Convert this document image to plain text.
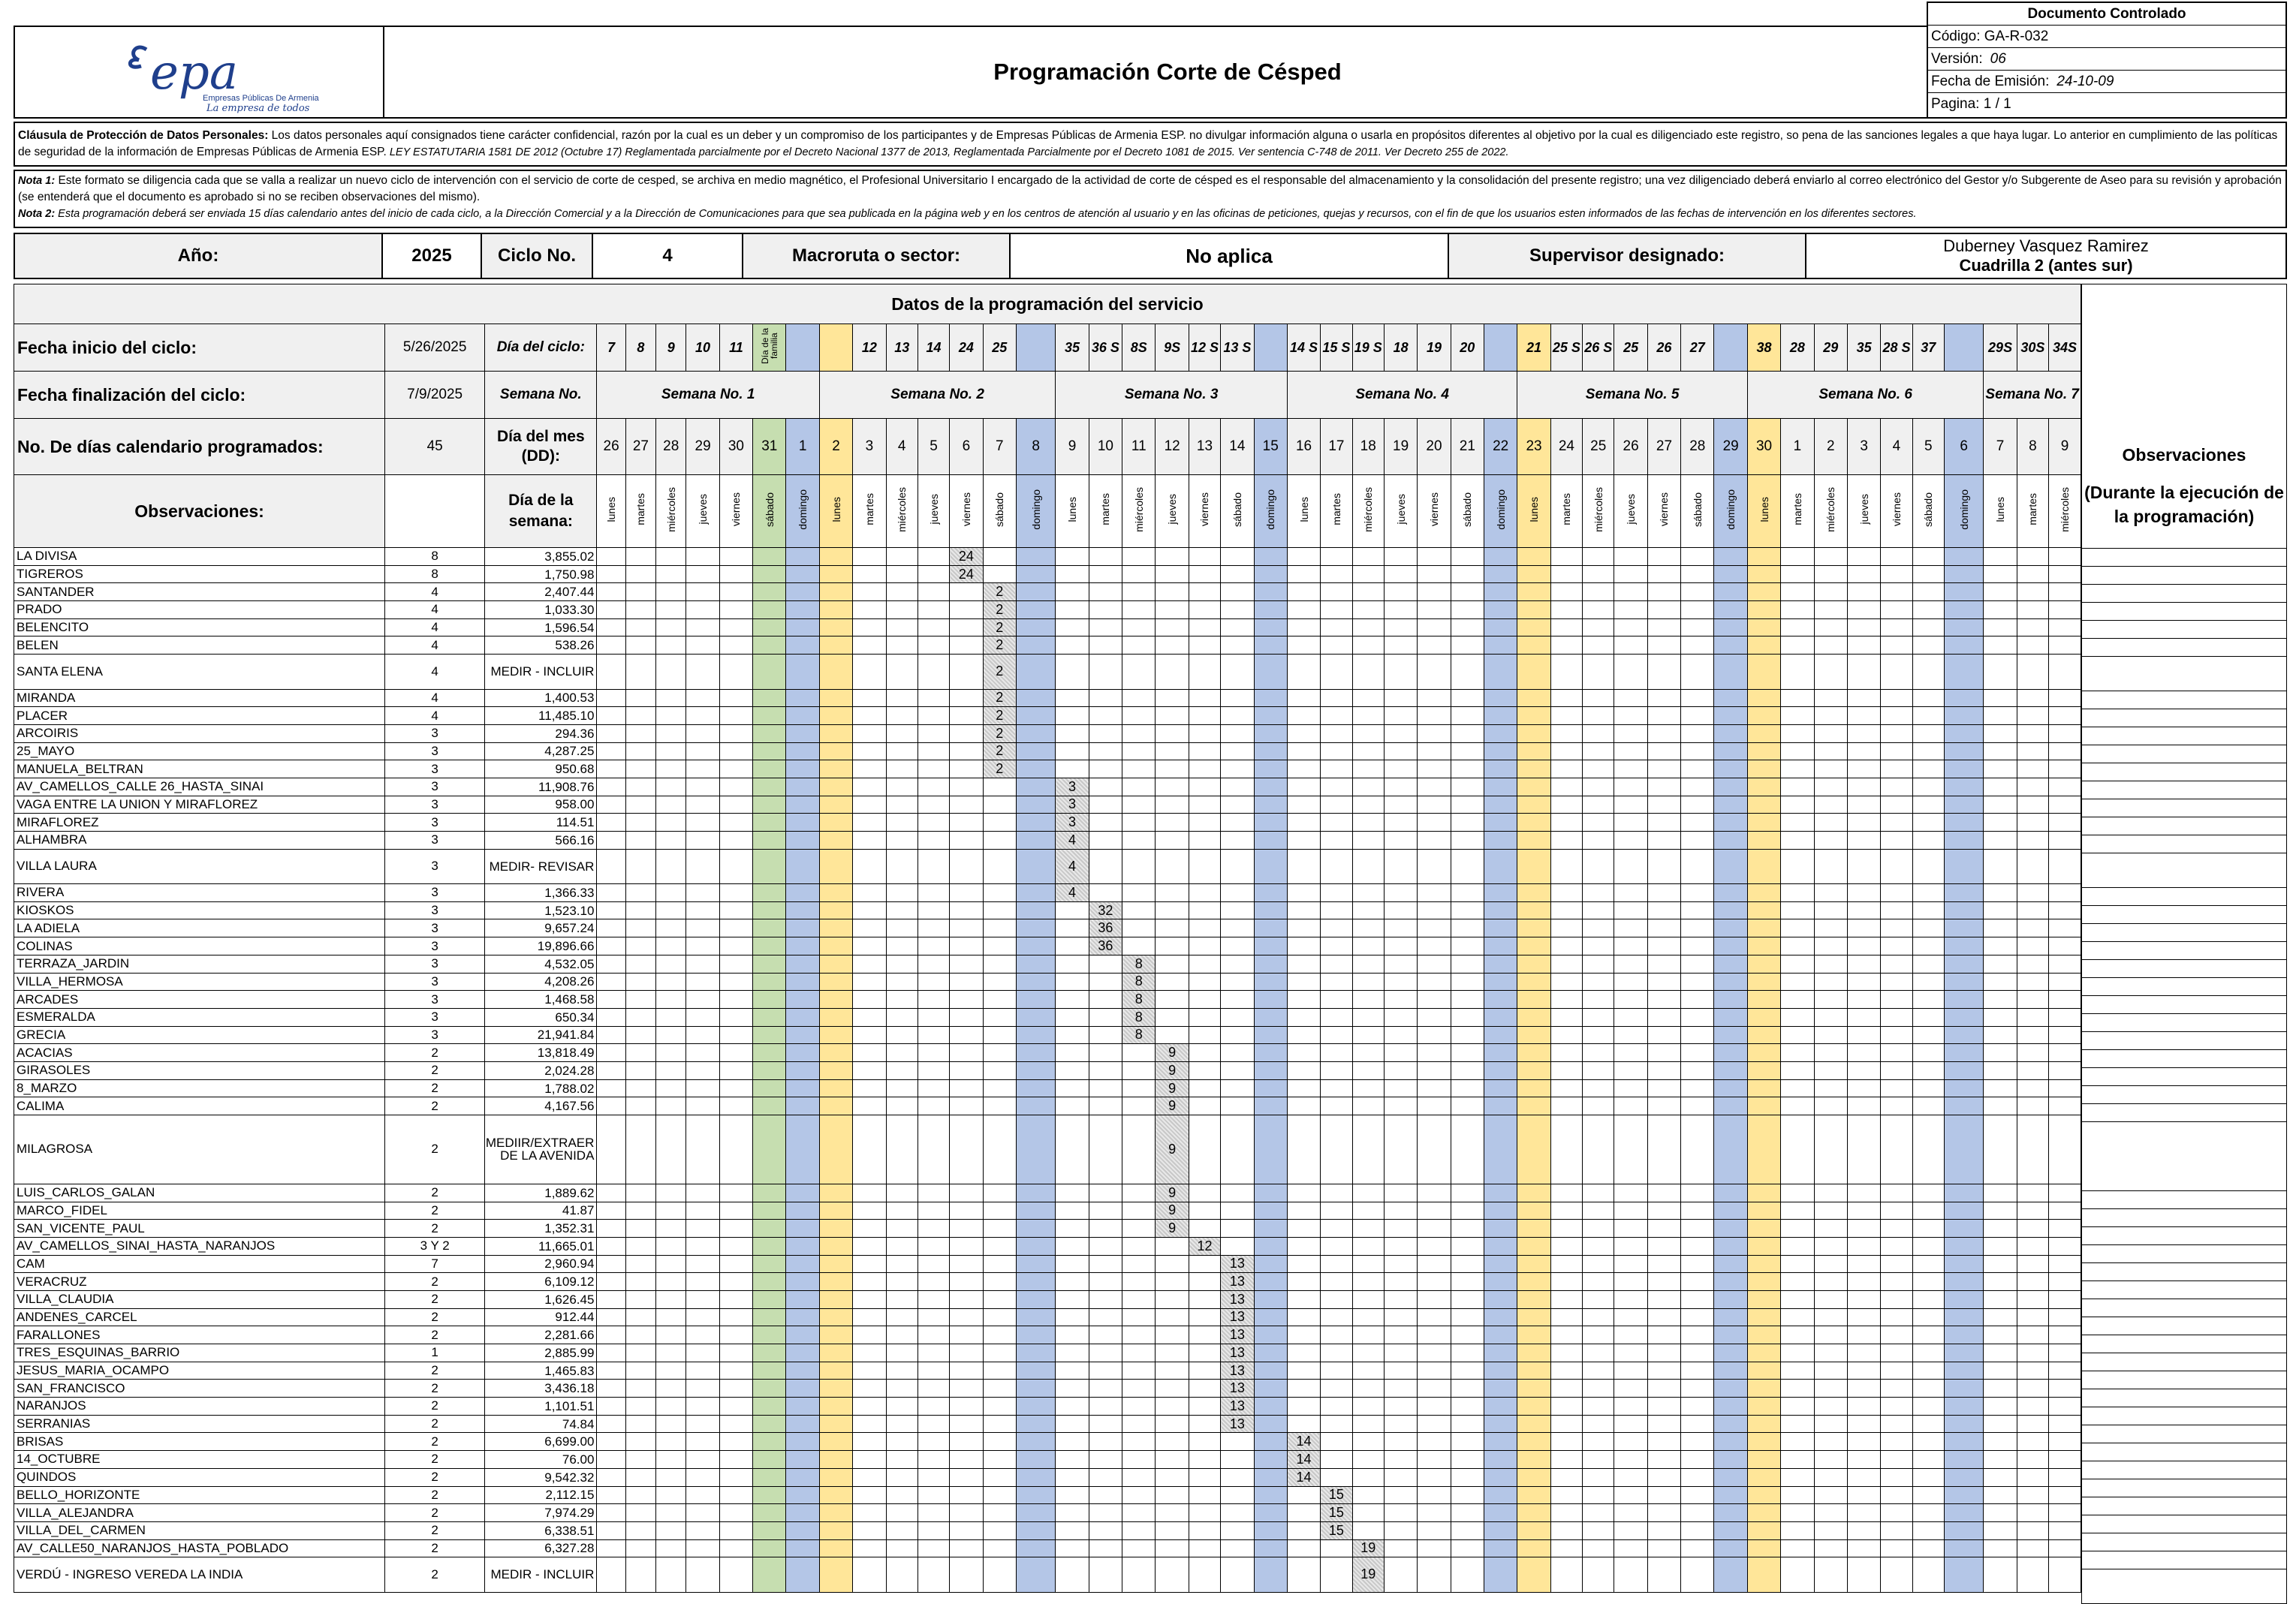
epa
Empresas Públicas De Armenia
La empresa de todos
Programación Corte de Césped
Documento Controlado
Código: GA-R-032
Versión: 06
Fecha de Emisión: 24-10-09
Pagina: 1 / 1
Cláusula de Protección de Datos Personales: Los datos personales aquí consignados tiene carácter confidencial, razón por la cual es un deber y un compromiso de los participantes y de Empresas Públicas de Armenia ESP. no divulgar información alguna o usarla en propósitos diferentes al objetivo por la cual es diligenciado este registro, so pena de las sanciones legales a que haya lugar. Lo anterior en cumplimiento de las políticas de seguridad de la información de Empresas Públicas de Armenia ESP. LEY ESTATUTARIA 1581 DE 2012 (Octubre 17) Reglamentada parcialmente por el Decreto Nacional 1377 de 2013, Reglamentada Parcialmente por el Decreto 1081 de 2015. Ver sentencia C-748 de 2011. Ver Decreto 255 de 2022.
Nota 1: Este formato se diligencia cada que se valla a realizar un nuevo ciclo de intervención con el servicio de corte de cesped, se archiva en medio magnético, el Profesional Universitario I encargado de la actividad de corte de césped es el responsable del almacenamiento y la consolidación del presente registro; una vez diligenciado deberá enviarlo al correo electrónico del Gestor y/o Subgerente de Aseo para su revisión y aprobación (se entenderá que el documento es aprobado si no se reciben observaciones del mismo).
Nota 2: Esta programación deberá ser enviada 15 días calendario antes del inicio de cada ciclo, a la Dirección Comercial y a la Dirección de Comunicaciones para que sea publicada en la página web y en los centros de atención al usuario y en las oficinas de peticiones, quejas y recursos, con el fin de que los usuarios esten informados de las fechas de intervención en los diferentes sectores.
Año:	2025	Ciclo No.	4	Macroruta o sector:	No aplica	Supervisor designado:	Duberney Vasquez Ramirez
Cuadrilla 2 (antes sur)
Datos de la programación del servicio																																															
Fecha inicio del ciclo:	5/26/2025	Día del ciclo:	7	8	9	10	11	Día de la familia			12	13	14	24	25		35	36 S	8S	9S	12 S	13 S		14 S	15 S	19 S	18	19	20		21	25 S	26 S	25	26	27		38	28	29	35	28 S	37		29S	30S	34S
Fecha finalización del ciclo:	7/9/2025	Semana No.	Semana No. 1							Semana No. 2							Semana No. 3							Semana No. 4							Semana No. 5							Semana No. 6							Semana No. 7		
No. De días calendario programados:	45	Día del mes (DD):	26	27	28	29	30	31	1	2	3	4	5	6	7	8	9	10	11	12	13	14	15	16	17	18	19	20	21	22	23	24	25	26	27	28	29	30	1	2	3	4	5	6	7	8	9
Observaciones:		Día de la semana:	lunes	martes	miércoles	jueves	viernes	sábado	domingo	lunes	martes	miércoles	jueves	viernes	sábado	domingo	lunes	martes	miércoles	jueves	viernes	sábado	domingo	lunes	martes	miércoles	jueves	viernes	sábado	domingo	lunes	martes	miércoles	jueves	viernes	sábado	domingo	lunes	martes	miércoles	jueves	viernes	sábado	domingo	lunes	martes	miércoles
LA DIVISA	8	3,855.02												24																																	
TIGREROS	8	1,750.98												24																																	
SANTANDER	4	2,407.44													2																																
PRADO	4	1,033.30													2																																
BELENCITO	4	1,596.54													2																																
BELEN	4	538.26													2																																
SANTA ELENA	4	MEDIR - INCLUIR													2																																
MIRANDA	4	1,400.53													2																																
PLACER	4	11,485.10													2																																
ARCOIRIS	3	294.36													2																																
25_MAYO	3	4,287.25													2																																
MANUELA_BELTRAN	3	950.68													2																																
AV_CAMELLOS_CALLE 26_HASTA_SINAI	3	11,908.76															3																														
VAGA ENTRE LA UNION Y MIRAFLOREZ	3	958.00															3																														
MIRAFLOREZ	3	114.51															3																														
ALHAMBRA	3	566.16															4																														
VILLA LAURA	3	MEDIR- REVISAR															4																														
RIVERA	3	1,366.33															4																														
KIOSKOS	3	1,523.10																32																													
LA ADIELA	3	9,657.24																36																													
COLINAS	3	19,896.66																36																													
TERRAZA_JARDIN	3	4,532.05																	8																												
VILLA_HERMOSA	3	4,208.26																	8																												
ARCADES	3	1,468.58																	8																												
ESMERALDA	3	650.34																	8																												
GRECIA	3	21,941.84																	8																												
ACACIAS	2	13,818.49																		9																											
GIRASOLES	2	2,024.28																		9																											
8_MARZO	2	1,788.02																		9																											
CALIMA	2	4,167.56																		9																											
MILAGROSA	2	MEDIIR/EXTRAER DE LA AVENIDA																		9																											
LUIS_CARLOS_GALAN	2	1,889.62																		9																											
MARCO_FIDEL	2	41.87																		9																											
SAN_VICENTE_PAUL	2	1,352.31																		9																											
AV_CAMELLOS_SINAI_HASTA_NARANJOS	3 Y 2	11,665.01																			12																										
CAM	7	2,960.94																				13																									
VERACRUZ	2	6,109.12																				13																									
VILLA_CLAUDIA	2	1,626.45																				13																									
ANDENES_CARCEL	2	912.44																				13																									
FARALLONES	2	2,281.66																				13																									
TRES_ESQUINAS_BARRIO	1	2,885.99																				13																									
JESUS_MARIA_OCAMPO	2	1,465.83																				13																									
SAN_FRANCISCO	2	3,436.18																				13																									
NARANJOS	2	1,101.51																				13																									
SERRANIAS	2	74.84																				13																									
BRISAS	2	6,699.00																						14																							
14_OCTUBRE	2	76.00																						14																							
QUINDOS	2	9,542.32																						14																							
BELLO_HORIZONTE	2	2,112.15																							15																						
VILLA_ALEJANDRA	2	7,974.29																							15																						
VILLA_DEL_CARMEN	2	6,338.51																							15																						
AV_CALLE50_NARANJOS_HASTA_POBLADO	2	6,327.28																								19																					
VERDÚ - INGRESO VEREDA LA INDIA	2	MEDIR - INCLUIR																								19																					
Observaciones
(Durante la ejecución de la programación)
